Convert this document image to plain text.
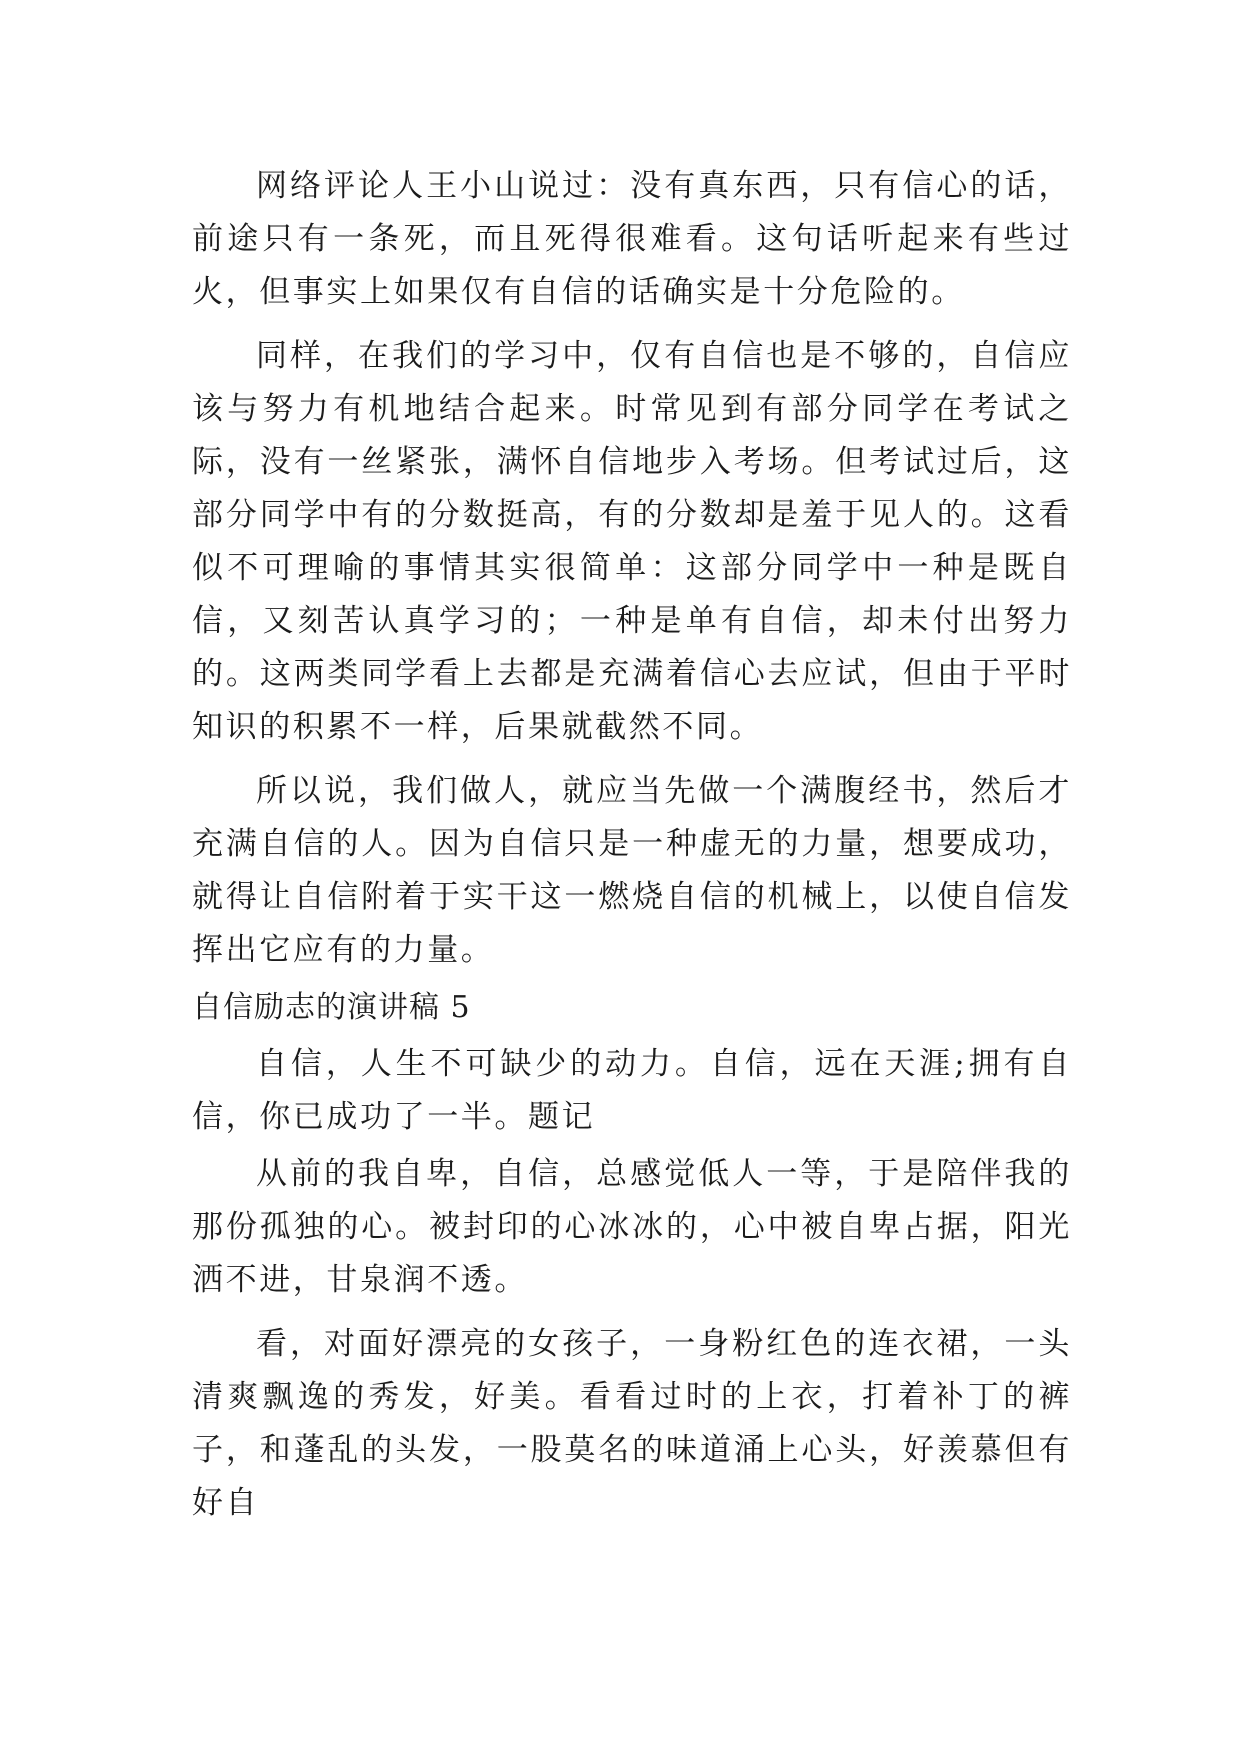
网络评论人王小山说过：没有真东西，只有信心的话，前途只有一条死，而且死得很难看。这句话听起来有些过火，但事实上如果仅有自信的话确实是十分危险的。

同样，在我们的学习中，仅有自信也是不够的，自信应该与努力有机地结合起来。时常见到有部分同学在考试之际，没有一丝紧张，满怀自信地步入考场。但考试过后，这部分同学中有的分数挺高，有的分数却是羞于见人的。这看似不可理喻的事情其实很简单：这部分同学中一种是既自信，又刻苦认真学习的；一种是单有自信，却未付出努力的。这两类同学看上去都是充满着信心去应试，但由于平时知识的积累不一样，后果就截然不同。

所以说，我们做人，就应当先做一个满腹经书，然后才充满自信的人。因为自信只是一种虚无的力量，想要成功，就得让自信附着于实干这一燃烧自信的机械上，以使自信发挥出它应有的力量。

自信励志的演讲稿 5

自信，人生不可缺少的动力。自信，远在天涯;拥有自信，你已成功了一半。题记

从前的我自卑，自信，总感觉低人一等，于是陪伴我的那份孤独的心。被封印的心冰冰的，心中被自卑占据，阳光洒不进，甘泉润不透。

看，对面好漂亮的女孩子，一身粉红色的连衣裙，一头清爽飘逸的秀发，好美。看看过时的上衣，打着补丁的裤子，和蓬乱的头发，一股莫名的味道涌上心头，好羡慕但有好自
